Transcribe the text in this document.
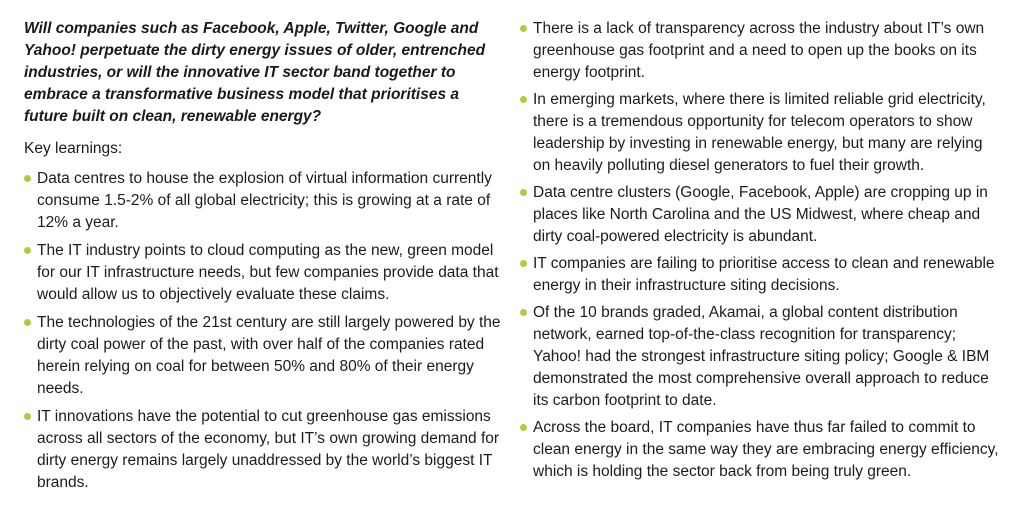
Will companies such as Facebook, Apple, Twitter, Google and Yahoo! perpetuate the dirty energy issues of older, entrenched industries, or will the innovative IT sector band together to embrace a transformative business model that prioritises a future built on clean, renewable energy?

Key learnings:

Data centres to house the explosion of virtual information currently consume 1.5-2% of all global electricity; this is growing at a rate of 12% a year.
The IT industry points to cloud computing as the new, green model for our IT infrastructure needs, but few companies provide data that would allow us to objectively evaluate these claims.
The technologies of the 21st century are still largely powered by the dirty coal power of the past, with over half of the companies rated herein relying on coal for between 50% and 80% of their energy needs.
IT innovations have the potential to cut greenhouse gas emissions across all sectors of the economy, but IT’s own growing demand for dirty energy remains largely unaddressed by the world’s biggest IT brands.
There is a lack of transparency across the industry about IT’s own greenhouse gas footprint and a need to open up the books on its energy footprint.
In emerging markets, where there is limited reliable grid electricity, there is a tremendous opportunity for telecom operators to show leadership by investing in renewable energy, but many are relying on heavily polluting diesel generators to fuel their growth.
Data centre clusters (Google, Facebook, Apple) are cropping up in places like North Carolina and the US Midwest, where cheap and dirty coal-powered electricity is abundant.
IT companies are failing to prioritise access to clean and renewable energy in their infrastructure siting decisions.
Of the 10 brands graded, Akamai, a global content distribution network, earned top-of-the-class recognition for transparency; Yahoo! had the strongest infrastructure siting policy; Google & IBM demonstrated the most comprehensive overall approach to reduce its carbon footprint to date.
Across the board, IT companies have thus far failed to commit to clean energy in the same way they are embracing energy efficiency, which is holding the sector back from being truly green.
